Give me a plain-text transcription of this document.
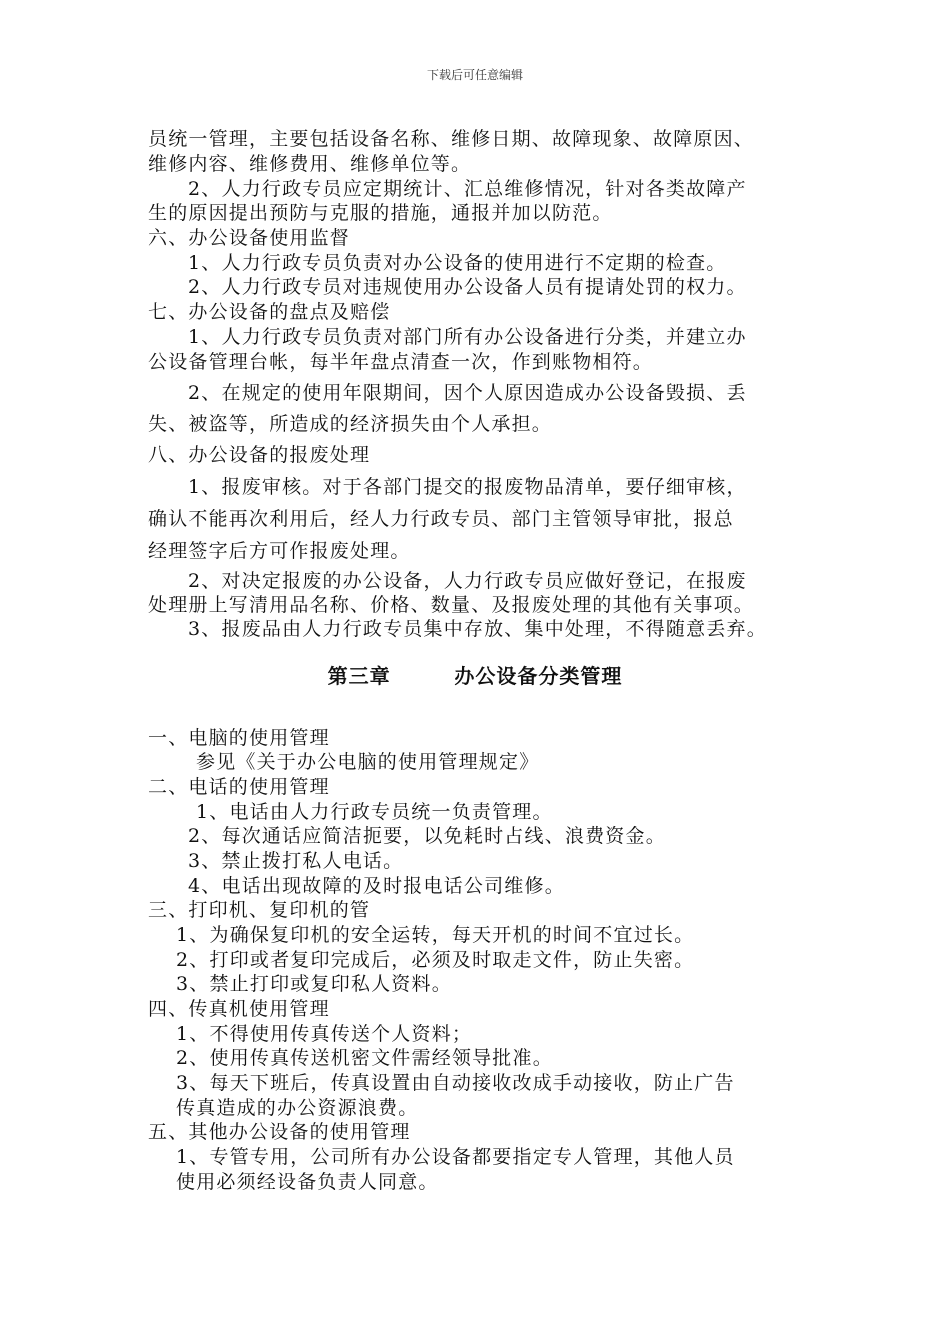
下载后可任意编辑
员统一管理，主要包括设备名称、维修日期、故障现象、故障原因、
维修内容、维修费用、维修单位等。
2、人力行政专员应定期统计、汇总维修情况，针对各类故障产
生的原因提出预防与克服的措施，通报并加以防范。
六、办公设备使用监督
1、人力行政专员负责对办公设备的使用进行不定期的检查。
2、人力行政专员对违规使用办公设备人员有提请处罚的权力。
七、办公设备的盘点及赔偿
1、人力行政专员负责对部门所有办公设备进行分类，并建立办
公设备管理台帐，每半年盘点清查一次，作到账物相符。
2、在规定的使用年限期间，因个人原因造成办公设备毁损、丢
失、被盗等，所造成的经济损失由个人承担。
八、办公设备的报废处理
1、报废审核。对于各部门提交的报废物品清单，要仔细审核，
确认不能再次利用后，经人力行政专员、部门主管领导审批，报总
经理签字后方可作报废处理。
2、对决定报废的办公设备，人力行政专员应做好登记，在报废
处理册上写清用品名称、价格、数量、及报废处理的其他有关事项。
3、报废品由人力行政专员集中存放、集中处理，不得随意丢弃。
第三章	办公设备分类管理
一、电脑的使用管理
参见《关于办公电脑的使用管理规定》
二、电话的使用管理
1、电话由人力行政专员统一负责管理。
2、每次通话应简洁扼要，以免耗时占线、浪费资金。
3、禁止拨打私人电话。
4、电话出现故障的及时报电话公司维修。
三、打印机、复印机的管
1、为确保复印机的安全运转，每天开机的时间不宜过长。
2、打印或者复印完成后，必须及时取走文件，防止失密。
3、禁止打印或复印私人资料。
四、传真机使用管理
1、不得使用传真传送个人资料；
2、使用传真传送机密文件需经领导批准。
3、每天下班后，传真设置由自动接收改成手动接收，防止广告
传真造成的办公资源浪费。
五、其他办公设备的使用管理
1、专管专用，公司所有办公设备都要指定专人管理，其他人员
使用必须经设备负责人同意。
